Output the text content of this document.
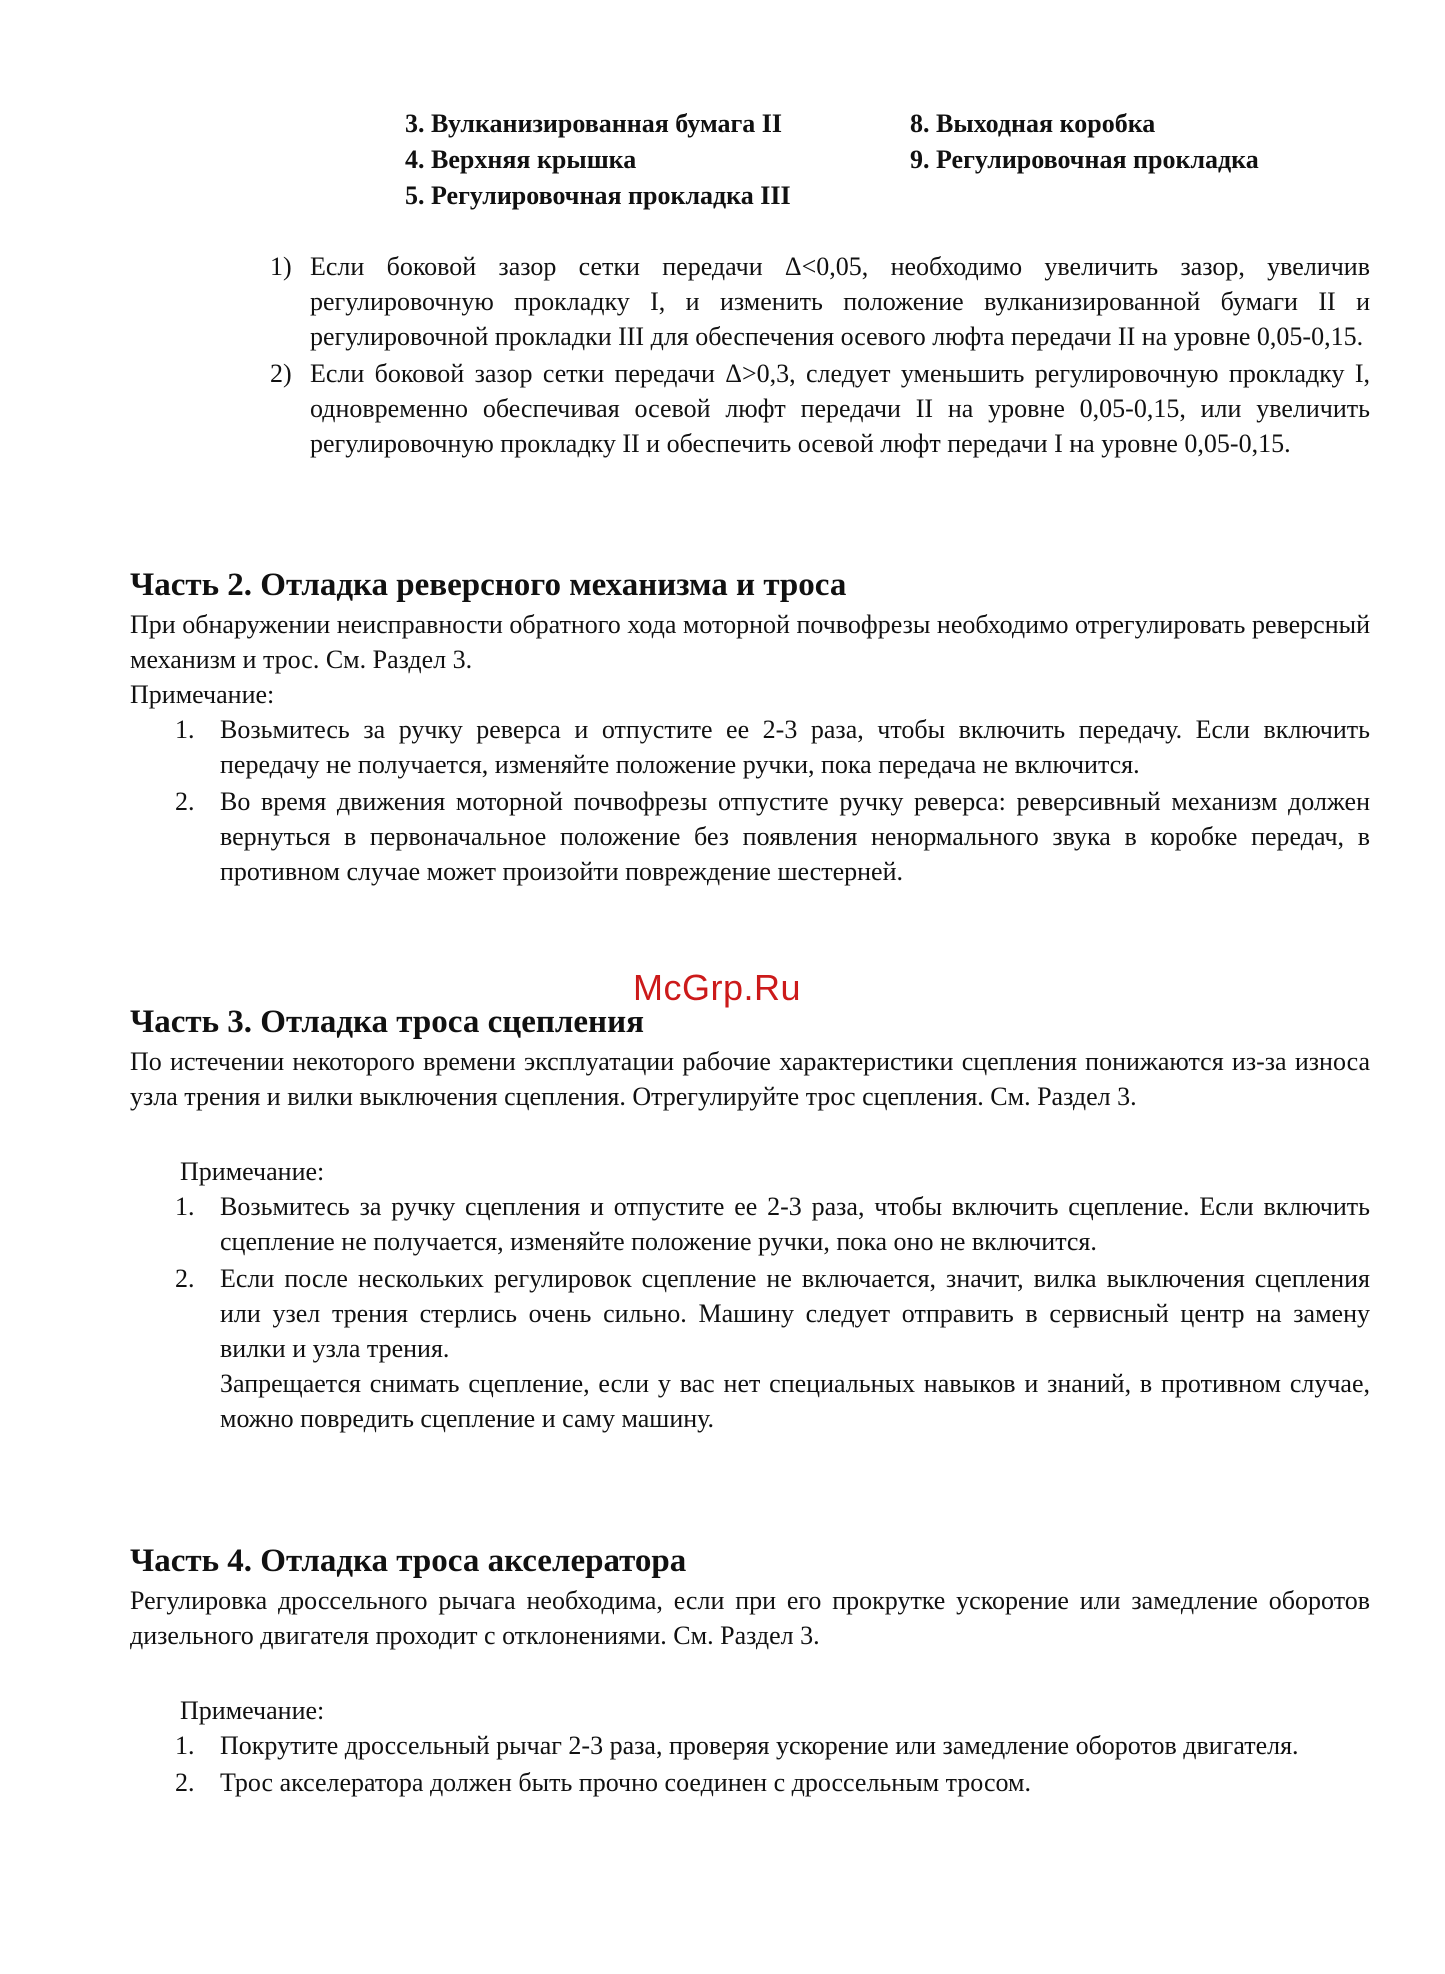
3. Вулканизированная бумага II
4. Верхняя крышка
5. Регулировочная прокладка III
8. Выходная коробка
9. Регулировочная прокладка
1) Если боковой зазор сетки передачи Δ<0,05, необходимо увеличить зазор, увеличив регулировочную прокладку I, и изменить положение вулканизированной бумаги II и регулировочной прокладки III для обеспечения осевого люфта передачи II на уровне 0,05-0,15.
2) Если боковой зазор сетки передачи Δ>0,3, следует уменьшить регулировочную прокладку I, одновременно обеспечивая осевой люфт передачи II на уровне 0,05-0,15, или увеличить регулировочную прокладку II и обеспечить осевой люфт передачи I на уровне 0,05-0,15.
Часть 2. Отладка реверсного механизма и троса
При обнаружении неисправности обратного хода моторной почвофрезы необходимо отрегулировать реверсный механизм и трос. См. Раздел 3.
Примечание:
1. Возьмитесь за ручку реверса и отпустите ее 2-3 раза, чтобы включить передачу. Если включить передачу не получается, изменяйте положение ручки, пока передача не включится.
2. Во время движения моторной почвофрезы отпустите ручку реверса: реверсивный механизм должен вернуться в первоначальное положение без появления ненормального звука в коробке передач, в противном случае может произойти повреждение шестерней.
McGrp.Ru
Часть 3. Отладка троса сцепления
По истечении некоторого времени эксплуатации рабочие характеристики сцепления понижаются из-за износа узла трения и вилки выключения сцепления. Отрегулируйте трос сцепления. См. Раздел 3.
Примечание:
1. Возьмитесь за ручку сцепления и отпустите ее 2-3 раза, чтобы включить сцепление. Если включить сцепление не получается, изменяйте положение ручки, пока оно не включится.
2. Если после нескольких регулировок сцепление не включается, значит, вилка выключения сцепления или узел трения стерлись очень сильно. Машину следует отправить в сервисный центр на замену вилки и узла трения.
Запрещается снимать сцепление, если у вас нет специальных навыков и знаний, в противном случае, можно повредить сцепление и саму машину.
Часть 4. Отладка троса акселератора
Регулировка дроссельного рычага необходима, если при его прокрутке ускорение или замедление оборотов дизельного двигателя проходит с отклонениями. См. Раздел 3.
Примечание:
1. Покрутите дроссельный рычаг 2-3 раза, проверяя ускорение или замедление оборотов двигателя.
2. Трос акселератора должен быть прочно соединен с дроссельным тросом.
